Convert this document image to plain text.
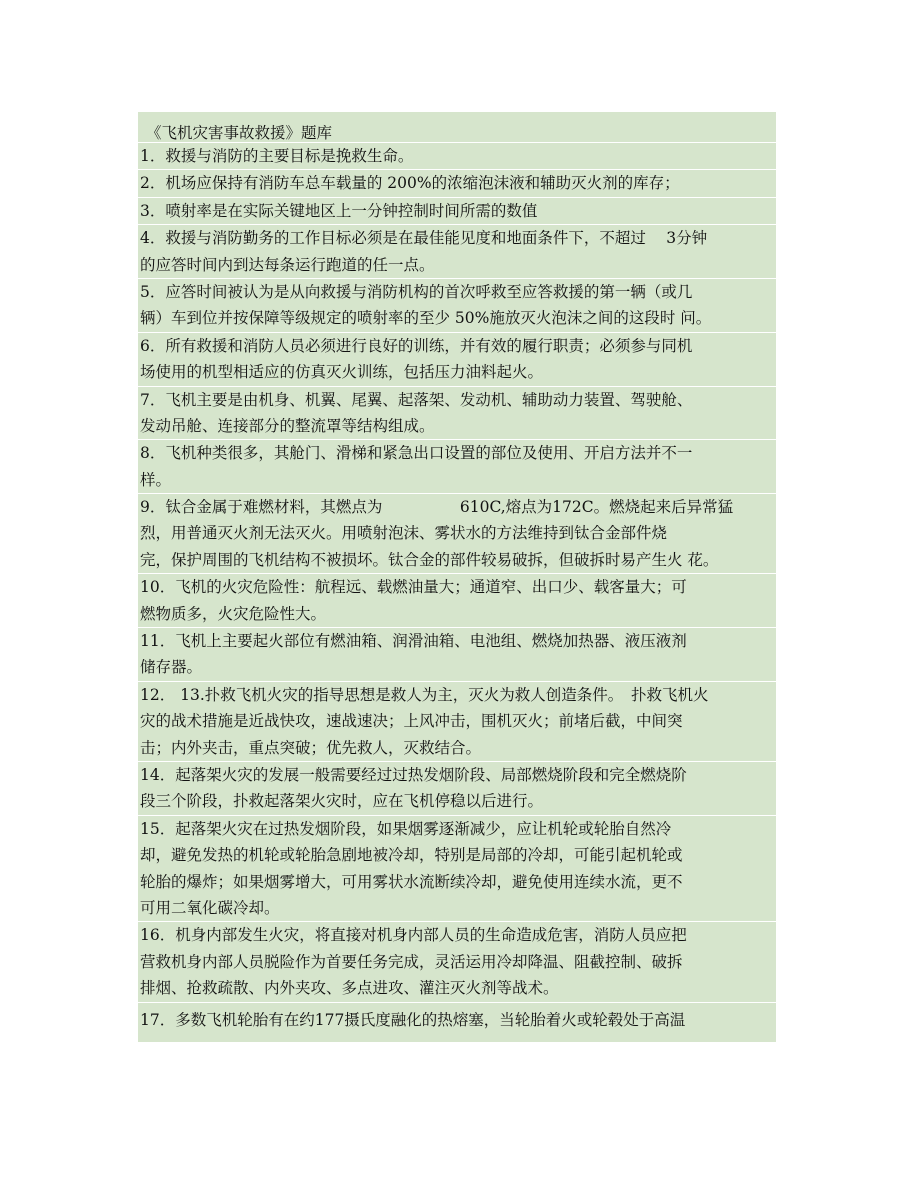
《飞机灾害事故救援》题库
1．救援与消防的主要目标是挽救生命。
2．机场应保持有消防车总车载量的 200%的浓缩泡沫液和辅助灭火剂的库存；
3．喷射率是在实际关键地区上一分钟控制时间所需的数值
4．救援与消防勤务的工作目标必须是在最佳能见度和地面条件下，不超过　 3分钟
的应答时间内到达每条运行跑道的任一点。
5．应答时间被认为是从向救援与消防机构的首次呼救至应答救援的第一辆（或几
辆）车到位并按保障等级规定的喷射率的至少 50%施放灭火泡沫之间的这段时 问。
6．所有救援和消防人员必须进行良好的训练，并有效的履行职责；必须参与同机
场使用的机型相适应的仿真灭火训练，包括压力油料起火。
7．飞机主要是由机身、机翼、尾翼、起落架、发动机、辅助动力装置、驾驶舱、
发动吊舱、连接部分的整流罩等结构组成。
8．飞机种类很多，其舱门、滑梯和紧急出口设置的部位及使用、开启方法并不一
样。
9．钛合金属于难燃材料，其燃点为　　　　　610C,熔点为172C。燃烧起来后异常猛
烈，用普通灭火剂无法灭火。用喷射泡沫、雾状水的方法维持到钛合金部件烧
完，保护周围的飞机结构不被损坏。钛合金的部件较易破拆，但破拆时易产生火 花。
10．飞机的火灾危险性：航程远、载燃油量大；通道窄、出口少、载客量大；可
燃物质多，火灾危险性大。
11．飞机上主要起火部位有燃油箱、润滑油箱、电池组、燃烧加热器、液压液剂
储存器。
12． 13.扑救飞机火灾的指导思想是救人为主，灭火为救人创造条件。　扑救飞机火
灾的战术措施是近战快攻，速战速决；上风冲击，围机灭火；前堵后截，中间突
击；内外夹击，重点突破；优先救人，灭救结合。
14．起落架火灾的发展一般需要经过过热发烟阶段、局部燃烧阶段和完全燃烧阶
段三个阶段，扑救起落架火灾时，应在飞机停稳以后进行。
15．起落架火灾在过热发烟阶段，如果烟雾逐渐减少，应让机轮或轮胎自然冷
却，避免发热的机轮或轮胎急剧地被冷却，特别是局部的冷却，可能引起机轮或
轮胎的爆炸；如果烟雾增大，可用雾状水流断续冷却，避免使用连续水流，更不
可用二氧化碳冷却。
16．机身内部发生火灾，将直接对机身内部人员的生命造成危害，消防人员应把
营救机身内部人员脱险作为首要任务完成，灵活运用冷却降温、阻截控制、破拆
排烟、抢救疏散、内外夹攻、多点进攻、灌注灭火剂等战术。
17．多数飞机轮胎有在约177摄氏度融化的热熔塞，当轮胎着火或轮毂处于高温
